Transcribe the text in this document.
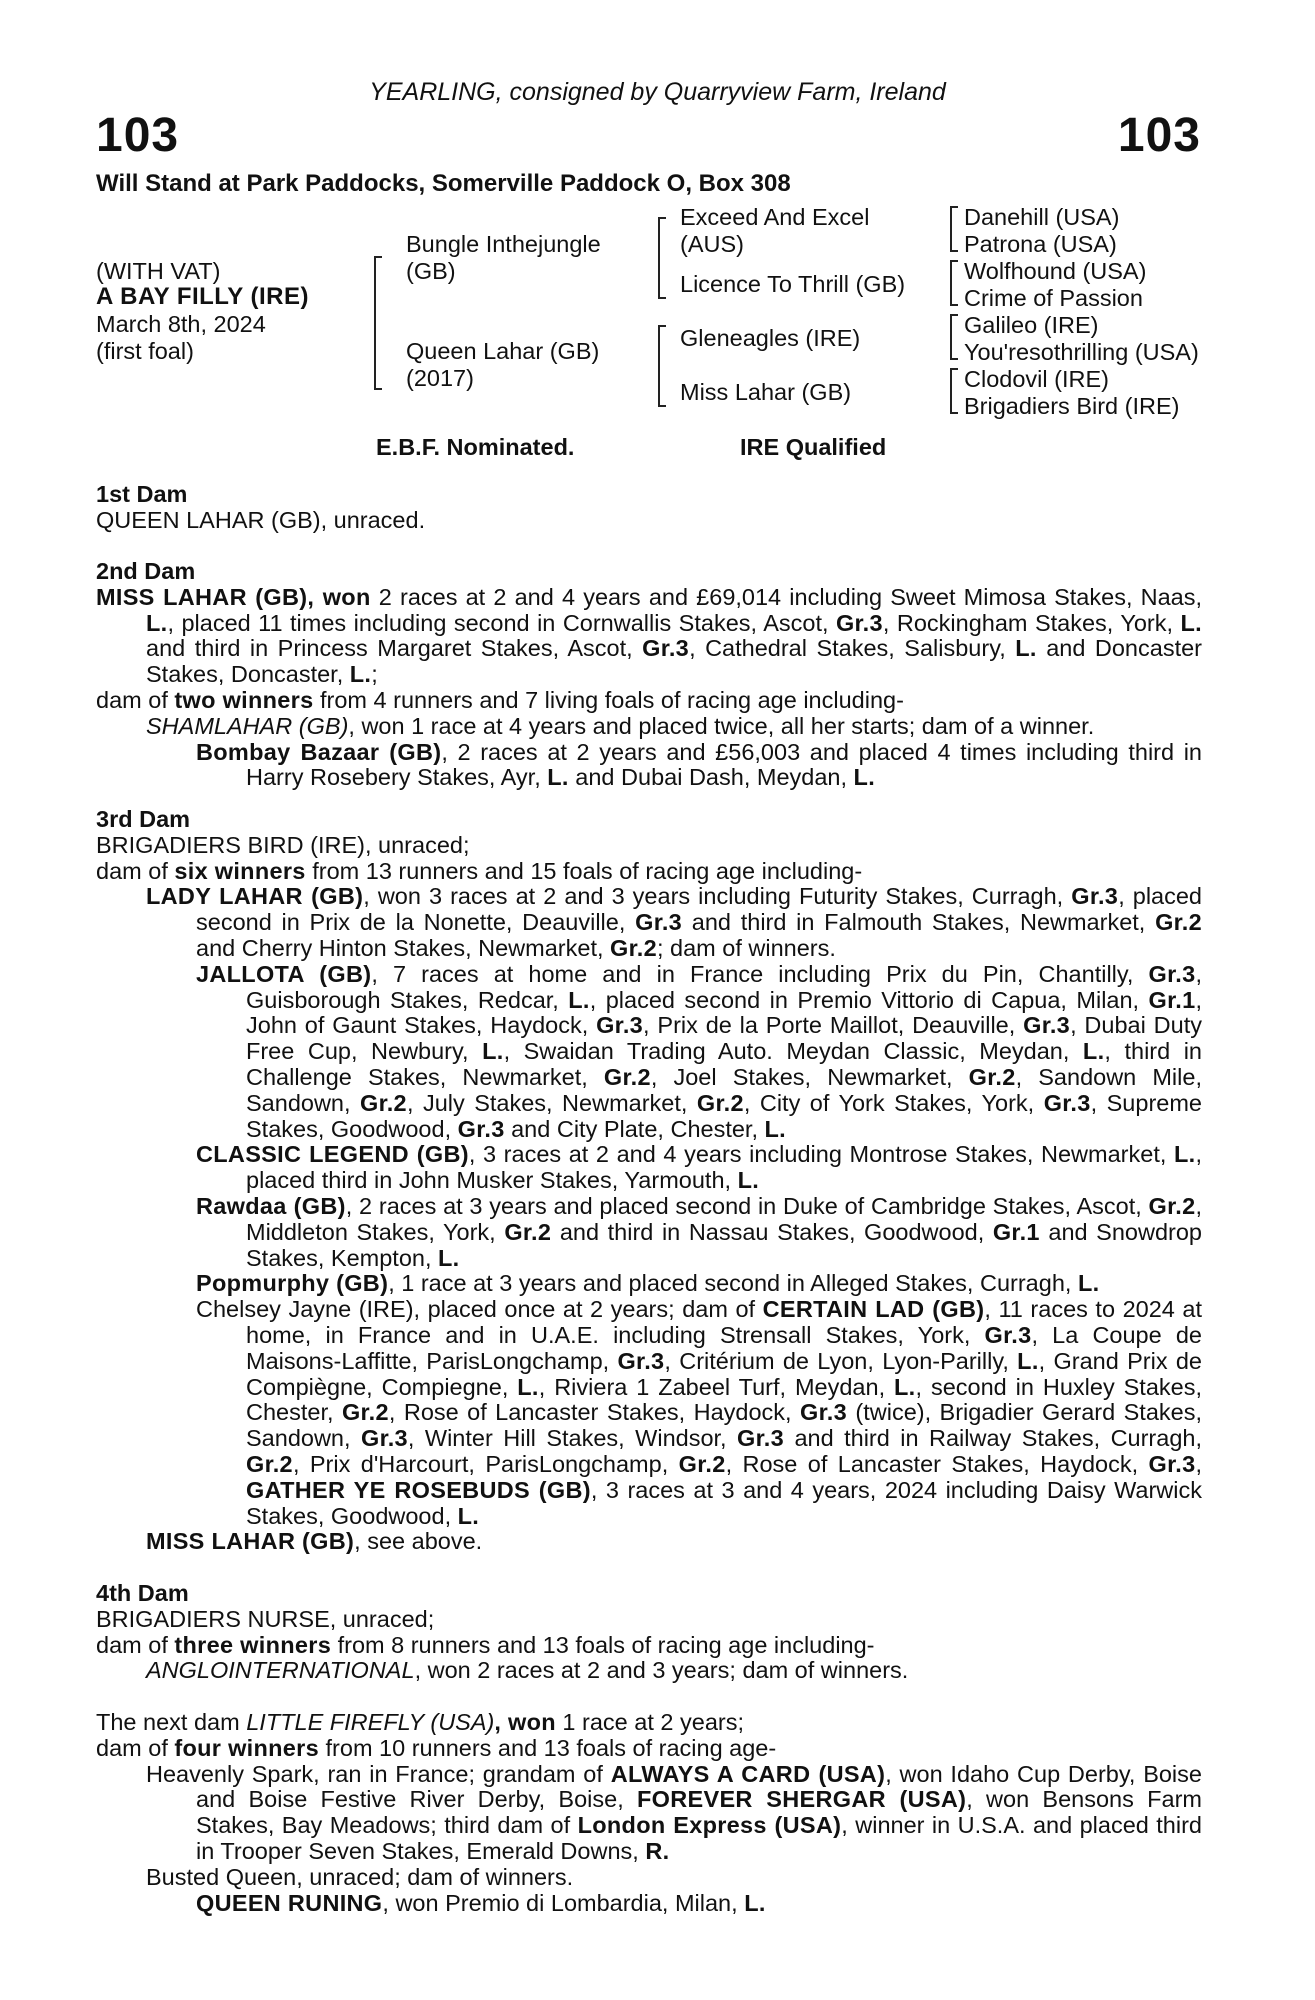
YEARLING, consigned by Quarryview Farm, Ireland
103	103
Will Stand at Park Paddocks, Somerville Paddock O, Box 308
(WITH VAT)
A BAY FILLY (IRE)
March 8th, 2024
(first foal)
Bungle Inthejungle
(GB)
Queen Lahar (GB)
(2017)
Exceed And Excel
(AUS)
Licence To Thrill (GB)
Gleneagles (IRE)
Miss Lahar (GB)
Danehill (USA)
Patrona (USA)
Wolfhound (USA)
Crime of Passion
Galileo (IRE)
You'resothrilling (USA)
Clodovil (IRE)
Brigadiers Bird (IRE)
E.B.F. Nominated.	IRE Qualified

1st Dam

QUEEN LAHAR (GB), unraced.

2nd Dam

MISS LAHAR (GB), won 2 races at 2 and 4 years and £69,014 including Sweet Mimosa Stakes, Naas, L., placed 11 times including second in Cornwallis Stakes, Ascot, Gr.3, Rockingham Stakes, York, L. and third in Princess Margaret Stakes, Ascot, Gr.3, Cathedral Stakes, Salisbury, L. and Doncaster Stakes, Doncaster, L.;

dam of two winners from 4 runners and 7 living foals of racing age including-

SHAMLAHAR (GB), won 1 race at 4 years and placed twice, all her starts; dam of a winner.

Bombay Bazaar (GB), 2 races at 2 years and £56,003 and placed 4 times including third in Harry Rosebery Stakes, Ayr, L. and Dubai Dash, Meydan, L.

3rd Dam

BRIGADIERS BIRD (IRE), unraced;

dam of six winners from 13 runners and 15 foals of racing age including-

LADY LAHAR (GB), won 3 races at 2 and 3 years including Futurity Stakes, Curragh, Gr.3, placed second in Prix de la Nonette, Deauville, Gr.3 and third in Falmouth Stakes, Newmarket, Gr.2 and Cherry Hinton Stakes, Newmarket, Gr.2; dam of winners.

JALLOTA (GB), 7 races at home and in France including Prix du Pin, Chantilly, Gr.3, Guisborough Stakes, Redcar, L., placed second in Premio Vittorio di Capua, Milan, Gr.1, John of Gaunt Stakes, Haydock, Gr.3, Prix de la Porte Maillot, Deauville, Gr.3, Dubai Duty Free Cup, Newbury, L., Swaidan Trading Auto. Meydan Classic, Meydan, L., third in Challenge Stakes, Newmarket, Gr.2, Joel Stakes, Newmarket, Gr.2, Sandown Mile, Sandown, Gr.2, July Stakes, Newmarket, Gr.2, City of York Stakes, York, Gr.3, Supreme Stakes, Goodwood, Gr.3 and City Plate, Chester, L.

CLASSIC LEGEND (GB), 3 races at 2 and 4 years including Montrose Stakes, Newmarket, L., placed third in John Musker Stakes, Yarmouth, L.

Rawdaa (GB), 2 races at 3 years and placed second in Duke of Cambridge Stakes, Ascot, Gr.2, Middleton Stakes, York, Gr.2 and third in Nassau Stakes, Goodwood, Gr.1 and Snowdrop Stakes, Kempton, L.

Popmurphy (GB), 1 race at 3 years and placed second in Alleged Stakes, Curragh, L.

Chelsey Jayne (IRE), placed once at 2 years; dam of CERTAIN LAD (GB), 11 races to 2024 at home, in France and in U.A.E. including Strensall Stakes, York, Gr.3, La Coupe de Maisons-Laffitte, ParisLongchamp, Gr.3, Critérium de Lyon, Lyon-Parilly, L., Grand Prix de Compiègne, Compiegne, L., Riviera 1 Zabeel Turf, Meydan, L., second in Huxley Stakes, Chester, Gr.2, Rose of Lancaster Stakes, Haydock, Gr.3 (twice), Brigadier Gerard Stakes, Sandown, Gr.3, Winter Hill Stakes, Windsor, Gr.3 and third in Railway Stakes, Curragh, Gr.2, Prix d'Harcourt, ParisLongchamp, Gr.2, Rose of Lancaster Stakes, Haydock, Gr.3, GATHER YE ROSEBUDS (GB), 3 races at 3 and 4 years, 2024 including Daisy Warwick Stakes, Goodwood, L.

MISS LAHAR (GB), see above.

4th Dam

BRIGADIERS NURSE, unraced;

dam of three winners from 8 runners and 13 foals of racing age including-

ANGLOINTERNATIONAL, won 2 races at 2 and 3 years; dam of winners.

The next dam LITTLE FIREFLY (USA), won 1 race at 2 years;

dam of four winners from 10 runners and 13 foals of racing age-

Heavenly Spark, ran in France; grandam of ALWAYS A CARD (USA), won Idaho Cup Derby, Boise and Boise Festive River Derby, Boise, FOREVER SHERGAR (USA), won Bensons Farm Stakes, Bay Meadows; third dam of London Express (USA), winner in U.S.A. and placed third in Trooper Seven Stakes, Emerald Downs, R.

Busted Queen, unraced; dam of winners.

QUEEN RUNING, won Premio di Lombardia, Milan, L.
